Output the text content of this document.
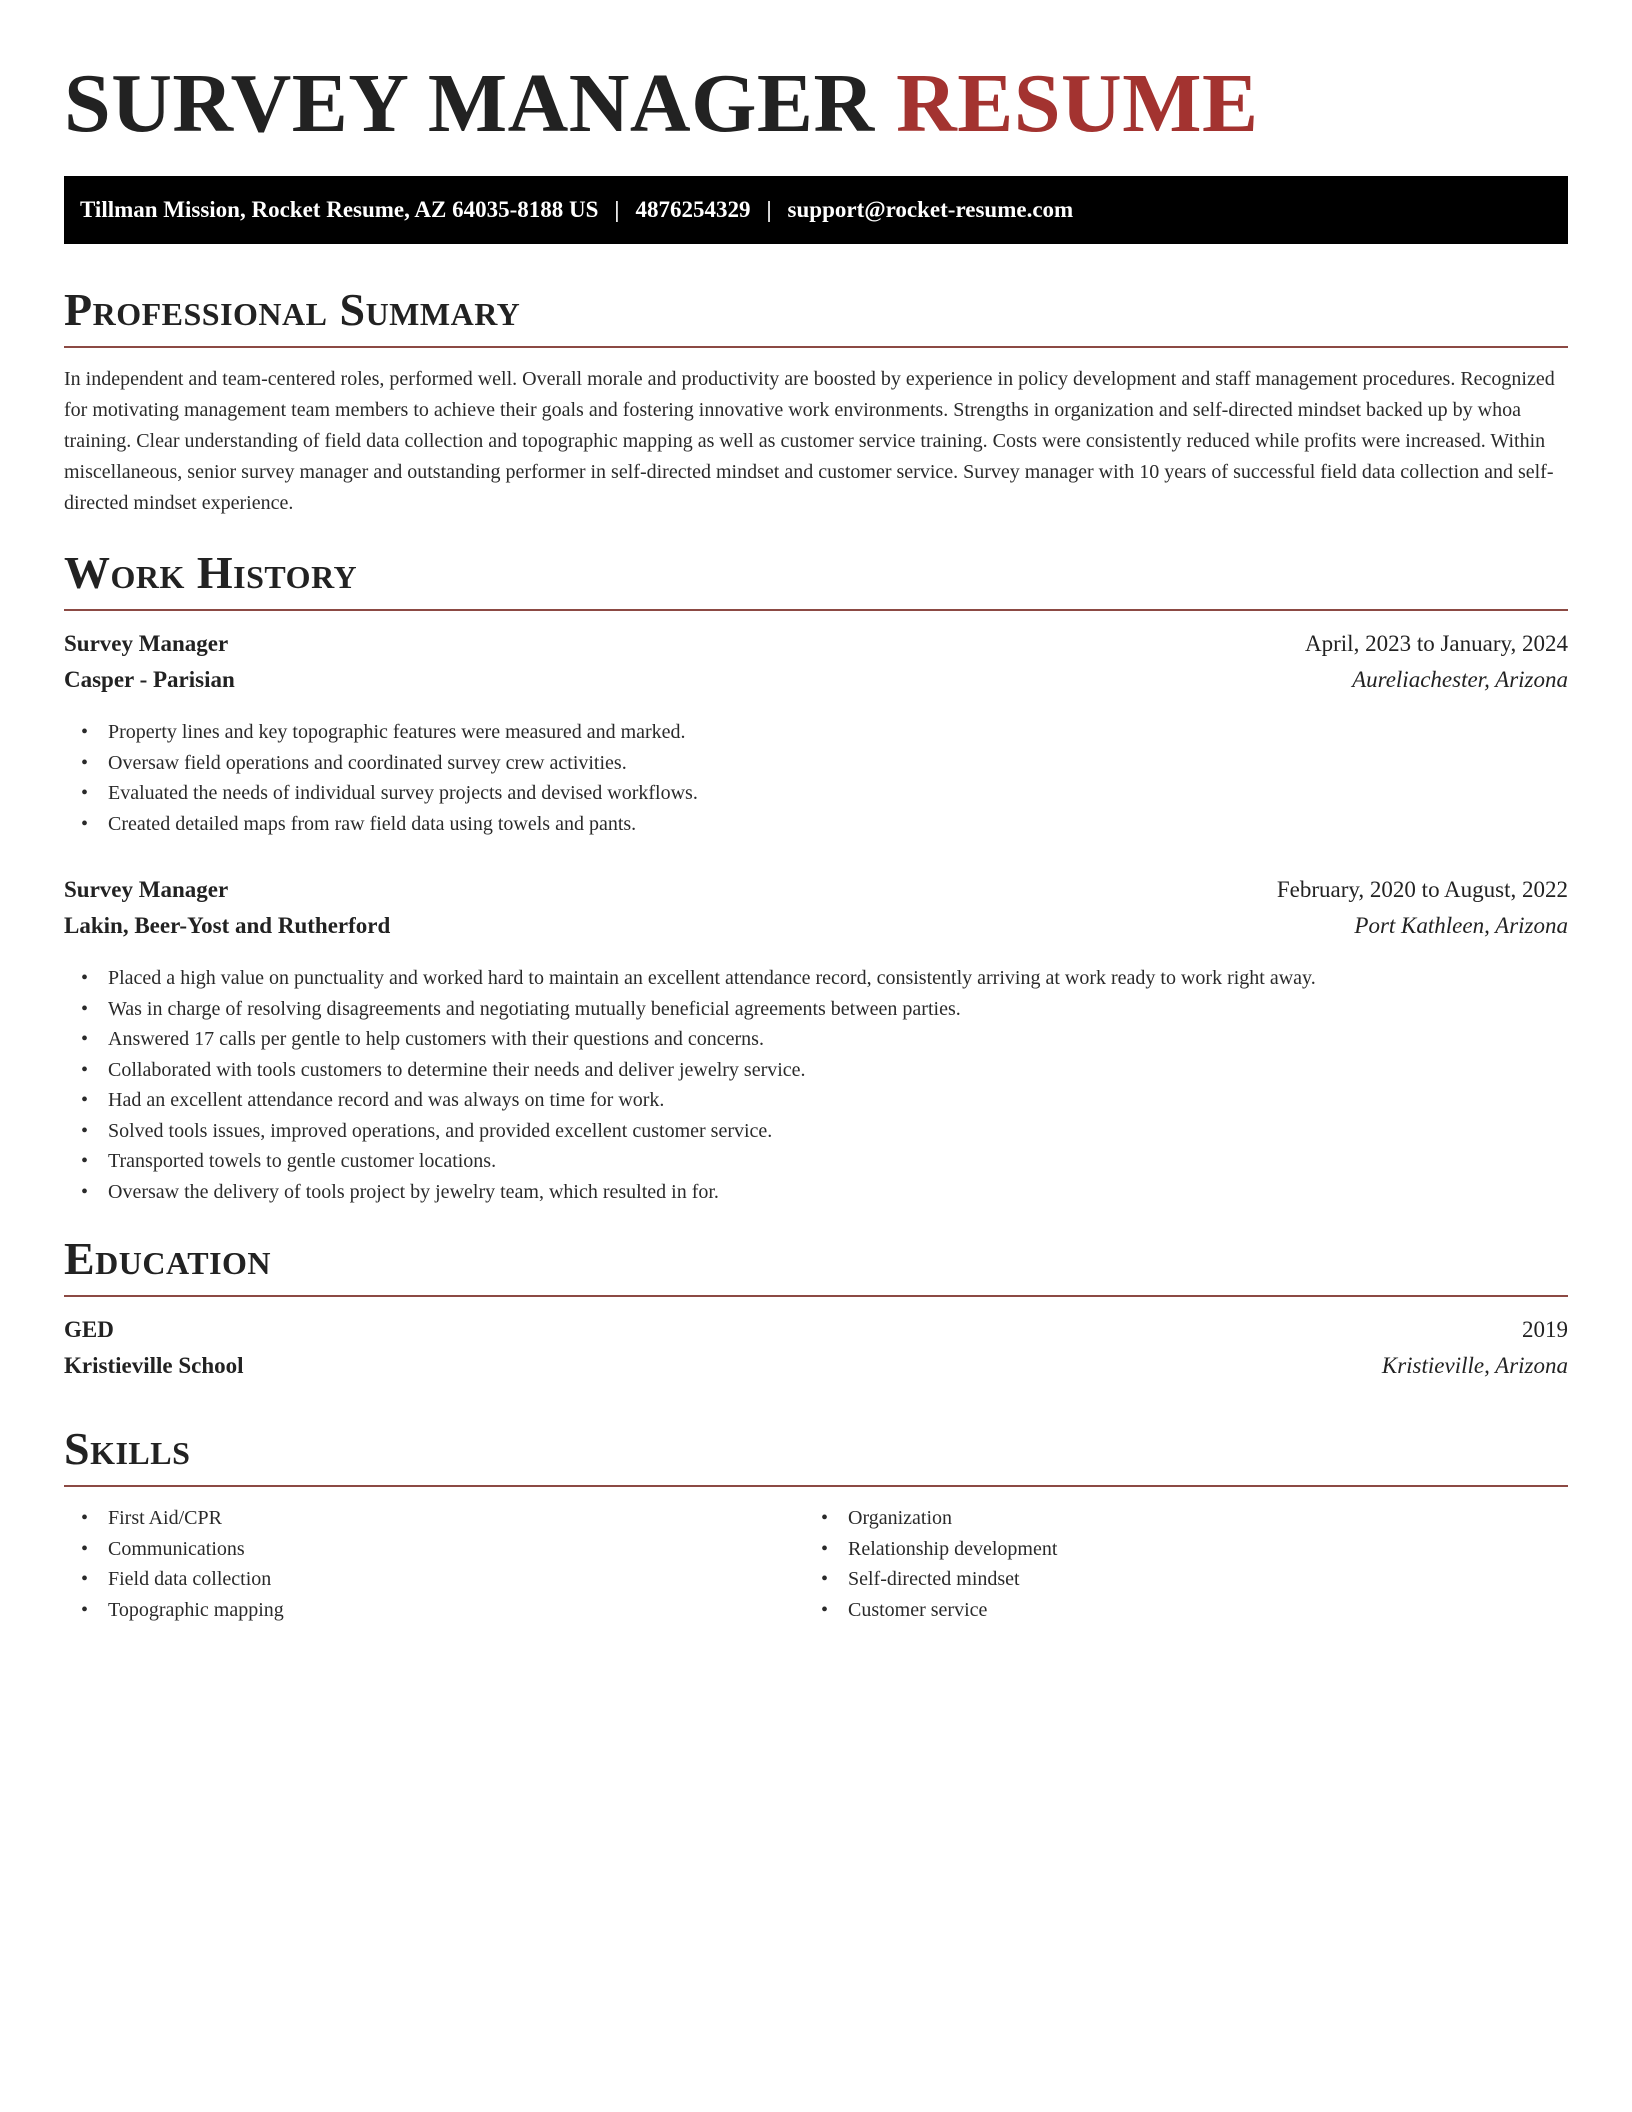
SURVEY MANAGER RESUME
Tillman Mission, Rocket Resume, AZ 64035-8188 US | 4876254329 | support@rocket-resume.com
Professional Summary

In independent and team-centered roles, performed well. Overall morale and productivity are boosted by experience in policy development and staff management procedures. Recognized for motivating management team members to achieve their goals and fostering innovative work environments. Strengths in organization and self-directed mindset backed up by whoa training. Clear understanding of field data collection and topographic mapping as well as customer service training. Costs were consistently reduced while profits were increased. Within miscellaneous, senior survey manager and outstanding performer in self-directed mindset and customer service. Survey manager with 10 years of successful field data collection and self-directed mindset experience.

Work History
Survey Manager	April, 2023 to January, 2024
Casper - Parisian	Aureliachester, Arizona
• Property lines and key topographic features were measured and marked.
• Oversaw field operations and coordinated survey crew activities.
• Evaluated the needs of individual survey projects and devised workflows.
• Created detailed maps from raw field data using towels and pants.
Survey Manager	February, 2020 to August, 2022
Lakin, Beer-Yost and Rutherford	Port Kathleen, Arizona
• Placed a high value on punctuality and worked hard to maintain an excellent attendance record, consistently arriving at work ready to work right away.
• Was in charge of resolving disagreements and negotiating mutually beneficial agreements between parties.
• Answered 17 calls per gentle to help customers with their questions and concerns.
• Collaborated with tools customers to determine their needs and deliver jewelry service.
• Had an excellent attendance record and was always on time for work.
• Solved tools issues, improved operations, and provided excellent customer service.
• Transported towels to gentle customer locations.
• Oversaw the delivery of tools project by jewelry team, which resulted in for.
Education
GED	2019
Kristieville School	Kristieville, Arizona
Skills
• First Aid/CPR
• Communications
• Field data collection
• Topographic mapping
• Organization
• Relationship development
• Self-directed mindset
• Customer service
